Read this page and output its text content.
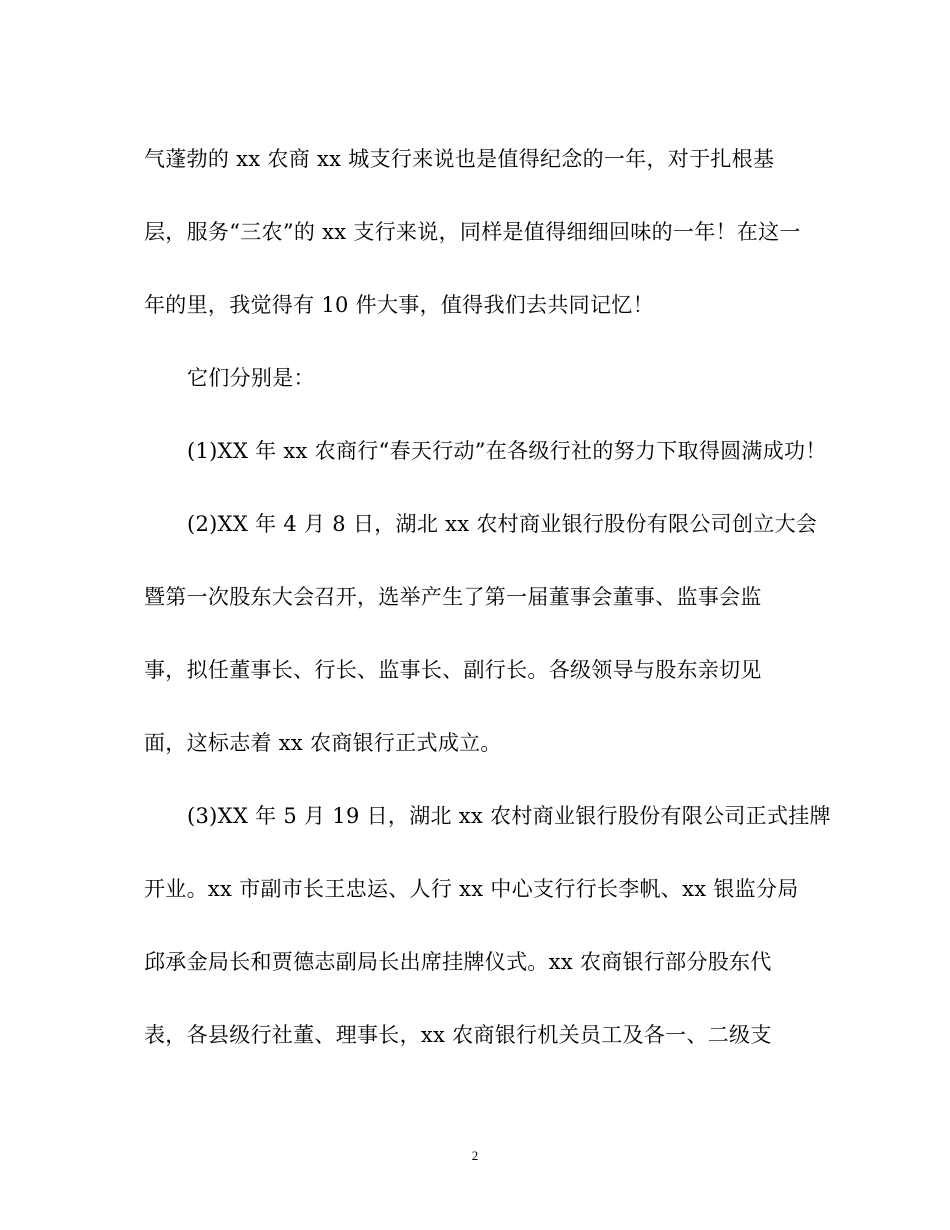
气蓬勃的 xx 农商 xx 城支行来说也是值得纪念的一年，对于扎根基
层，服务“三农”的 xx 支行来说，同样是值得细细回味的一年！在这一
年的里，我觉得有 10 件大事，值得我们去共同记忆！
它们分别是：
(1)XX 年 xx 农商行“春天行动”在各级行社的努力下取得圆满成功！
(2)XX 年 4 月 8 日，湖北 xx 农村商业银行股份有限公司创立大会
暨第一次股东大会召开，选举产生了第一届董事会董事、监事会监
事，拟任董事长、行长、监事长、副行长。各级领导与股东亲切见
面，这标志着 xx 农商银行正式成立。
(3)XX 年 5 月 19 日，湖北 xx 农村商业银行股份有限公司正式挂牌
开业。xx 市副市长王忠运、人行 xx 中心支行行长李帆、xx 银监分局
邱承金局长和贾德志副局长出席挂牌仪式。xx 农商银行部分股东代
表，各县级行社董、理事长，xx 农商银行机关员工及各一、二级支
2
